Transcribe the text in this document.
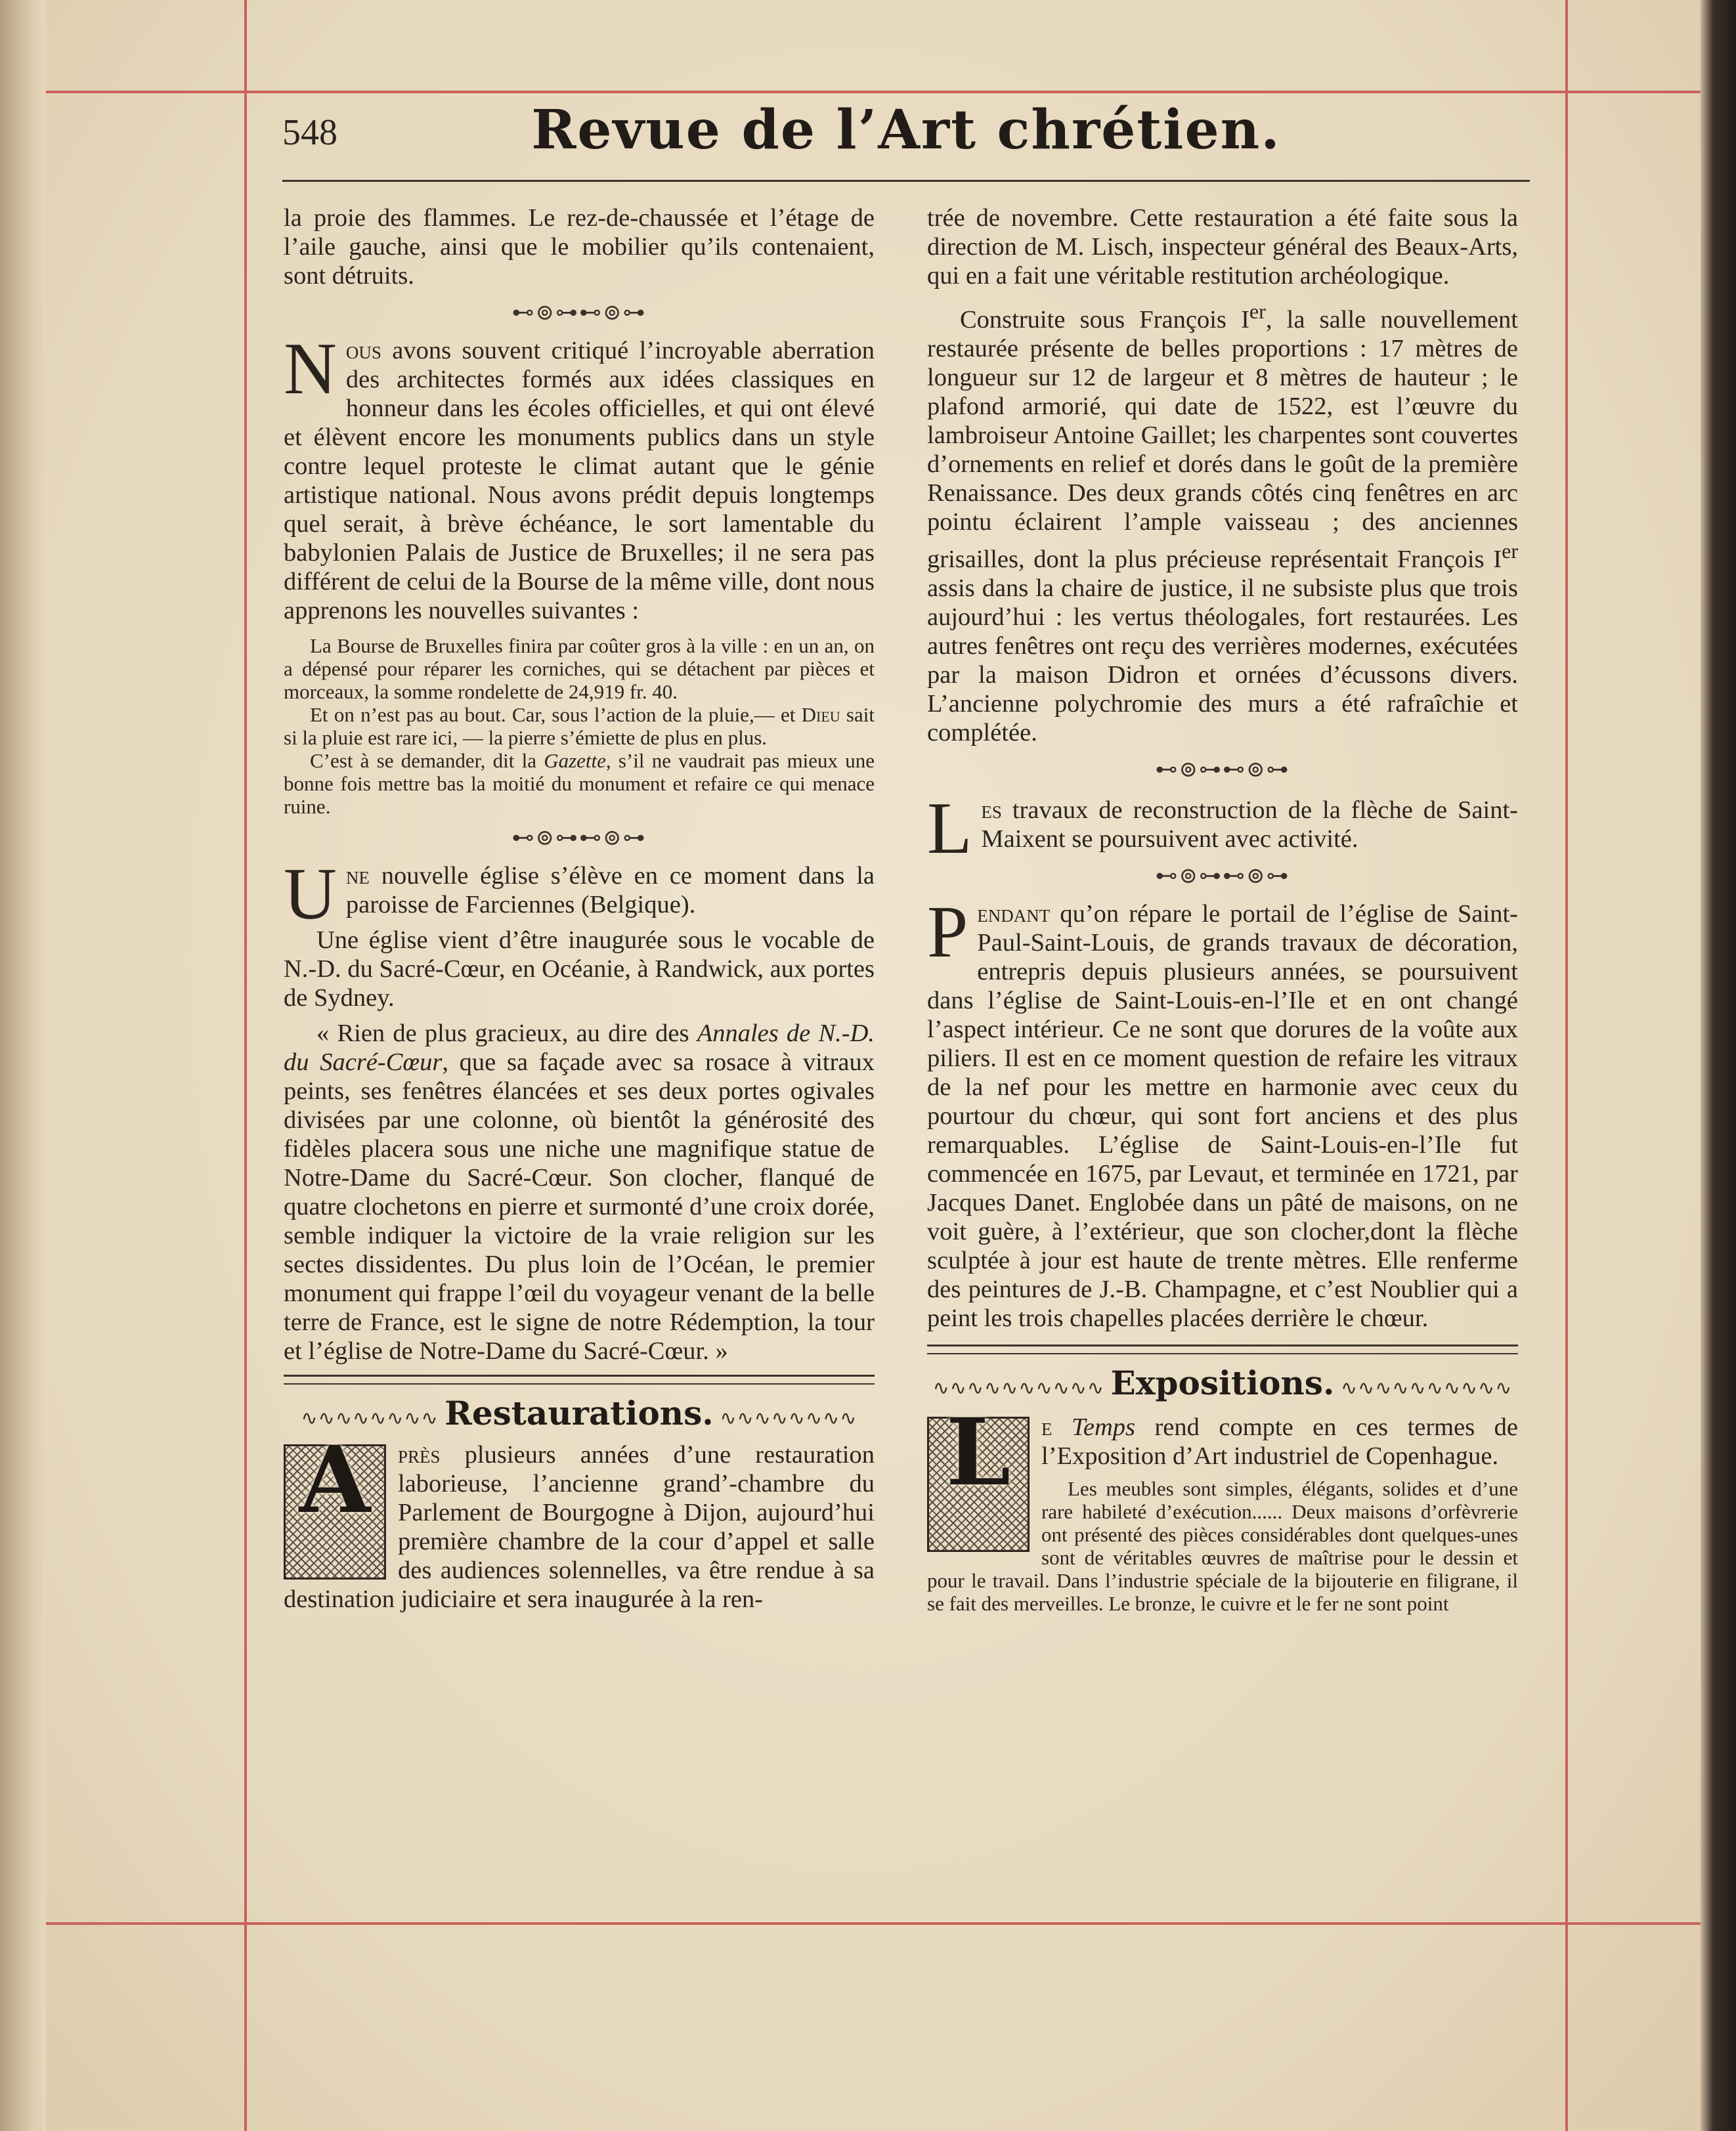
548	Revue de l’Art chrétien.

la proie des flammes. Le rez-de-chaussée et l’étage de l’aile gauche, ainsi que le mobilier qu’ils contenaient, sont détruits.

⊷⊚⊶⊷⊚⊶

Nous avons souvent critiqué l’incroyable aberration des architectes formés aux idées classiques en honneur dans les écoles officielles, et qui ont élevé et élèvent encore les monuments publics dans un style contre lequel proteste le climat autant que le génie artistique national. Nous avons prédit depuis longtemps quel serait, à brève échéance, le sort lamentable du babylonien Palais de Justice de Bruxelles; il ne sera pas différent de celui de la Bourse de la même ville, dont nous apprenons les nouvelles suivantes :

La Bourse de Bruxelles finira par coûter gros à la ville : en un an, on a dépensé pour réparer les corniches, qui se détachent par pièces et morceaux, la somme rondelette de 24,919 fr. 40.

Et on n’est pas au bout. Car, sous l’action de la pluie,— et Dieu sait si la pluie est rare ici, — la pierre s’émiette de plus en plus.

C’est à se demander, dit la Gazette, s’il ne vaudrait pas mieux une bonne fois mettre bas la moitié du monument et refaire ce qui menace ruine.

⊷⊚⊶⊷⊚⊶

Une nouvelle église s’élève en ce moment dans la paroisse de Farciennes (Belgique).

Une église vient d’être inaugurée sous le vocable de N.-D. du Sacré-Cœur, en Océanie, à Randwick, aux portes de Sydney.

« Rien de plus gracieux, au dire des Annales de N.-D. du Sacré-Cœur, que sa façade avec sa rosace à vitraux peints, ses fenêtres élancées et ses deux portes ogivales divisées par une colonne, où bientôt la générosité des fidèles placera sous une niche une magnifique statue de Notre-Dame du Sacré-Cœur. Son clocher, flanqué de quatre clochetons en pierre et surmonté d’une croix dorée, semble indiquer la victoire de la vraie religion sur les sectes dissidentes. Du plus loin de l’Océan, le premier monument qui frappe l’œil du voyageur venant de la belle terre de France, est le signe de notre Rédemption, la tour et l’église de Notre-Dame du Sacré-Cœur. »

∿∿∿∿∿∿∿∿ Restaurations. ∿∿∿∿∿∿∿∿

A	près plusieurs années d’une restauration laborieuse, l’ancienne grand’-chambre du Parlement de Bourgogne à Dijon, aujourd’hui première chambre de la cour d’appel et salle des audiences solennelles, va être rendue à sa destination judiciaire et sera inaugurée à la ren-

trée de novembre. Cette restauration a été faite sous la direction de M. Lisch, inspecteur général des Beaux-Arts, qui en a fait une véritable restitution archéologique.

Construite sous François Ier, la salle nouvellement restaurée présente de belles proportions : 17 mètres de longueur sur 12 de largeur et 8 mètres de hauteur ; le plafond armorié, qui date de 1522, est l’œuvre du lambroiseur Antoine Gaillet; les charpentes sont couvertes d’ornements en relief et dorés dans le goût de la première Renaissance. Des deux grands côtés cinq fenêtres en arc pointu éclairent l’ample vaisseau ; des anciennes grisailles, dont la plus précieuse représentait François Ier assis dans la chaire de justice, il ne subsiste plus que trois aujourd’hui : les vertus théologales, fort restaurées. Les autres fenêtres ont reçu des verrières modernes, exécutées par la maison Didron et ornées d’écussons divers. L’ancienne polychromie des murs a été rafraîchie et complétée.

⊷⊚⊶⊷⊚⊶

Les travaux de reconstruction de la flèche de Saint-Maixent se poursuivent avec activité.

⊷⊚⊶⊷⊚⊶

Pendant qu’on répare le portail de l’église de Saint-Paul-Saint-Louis, de grands travaux de décoration, entrepris depuis plusieurs années, se poursuivent dans l’église de Saint-Louis-en-l’Ile et en ont changé l’aspect intérieur. Ce ne sont que dorures de la voûte aux piliers. Il est en ce moment question de refaire les vitraux de la nef pour les mettre en harmonie avec ceux du pourtour du chœur, qui sont fort anciens et des plus remarquables. L’église de Saint-Louis-en-l’Ile fut commencée en 1675, par Levaut, et terminée en 1721, par Jacques Danet. Englobée dans un pâté de maisons, on ne voit guère, à l’extérieur, que son clocher,dont la flèche sculptée à jour est haute de trente mètres. Elle renferme des peintures de J.-B. Champagne, et c’est Noublier qui a peint les trois chapelles placées derrière le chœur.

∿∿∿∿∿∿∿∿∿∿ Expositions. ∿∿∿∿∿∿∿∿∿∿

L	e Temps rend compte en ces termes de l’Exposition d’Art industriel de Copenhague.

Les meubles sont simples, élégants, solides et d’une rare habileté d’exécution...... Deux maisons d’orfèvrerie ont présenté des pièces considérables dont quelques-unes sont de véritables œuvres de maîtrise pour le dessin et pour le travail. Dans l’industrie spéciale de la bijouterie en filigrane, il se fait des merveilles. Le bronze, le cuivre et le fer ne sont point
